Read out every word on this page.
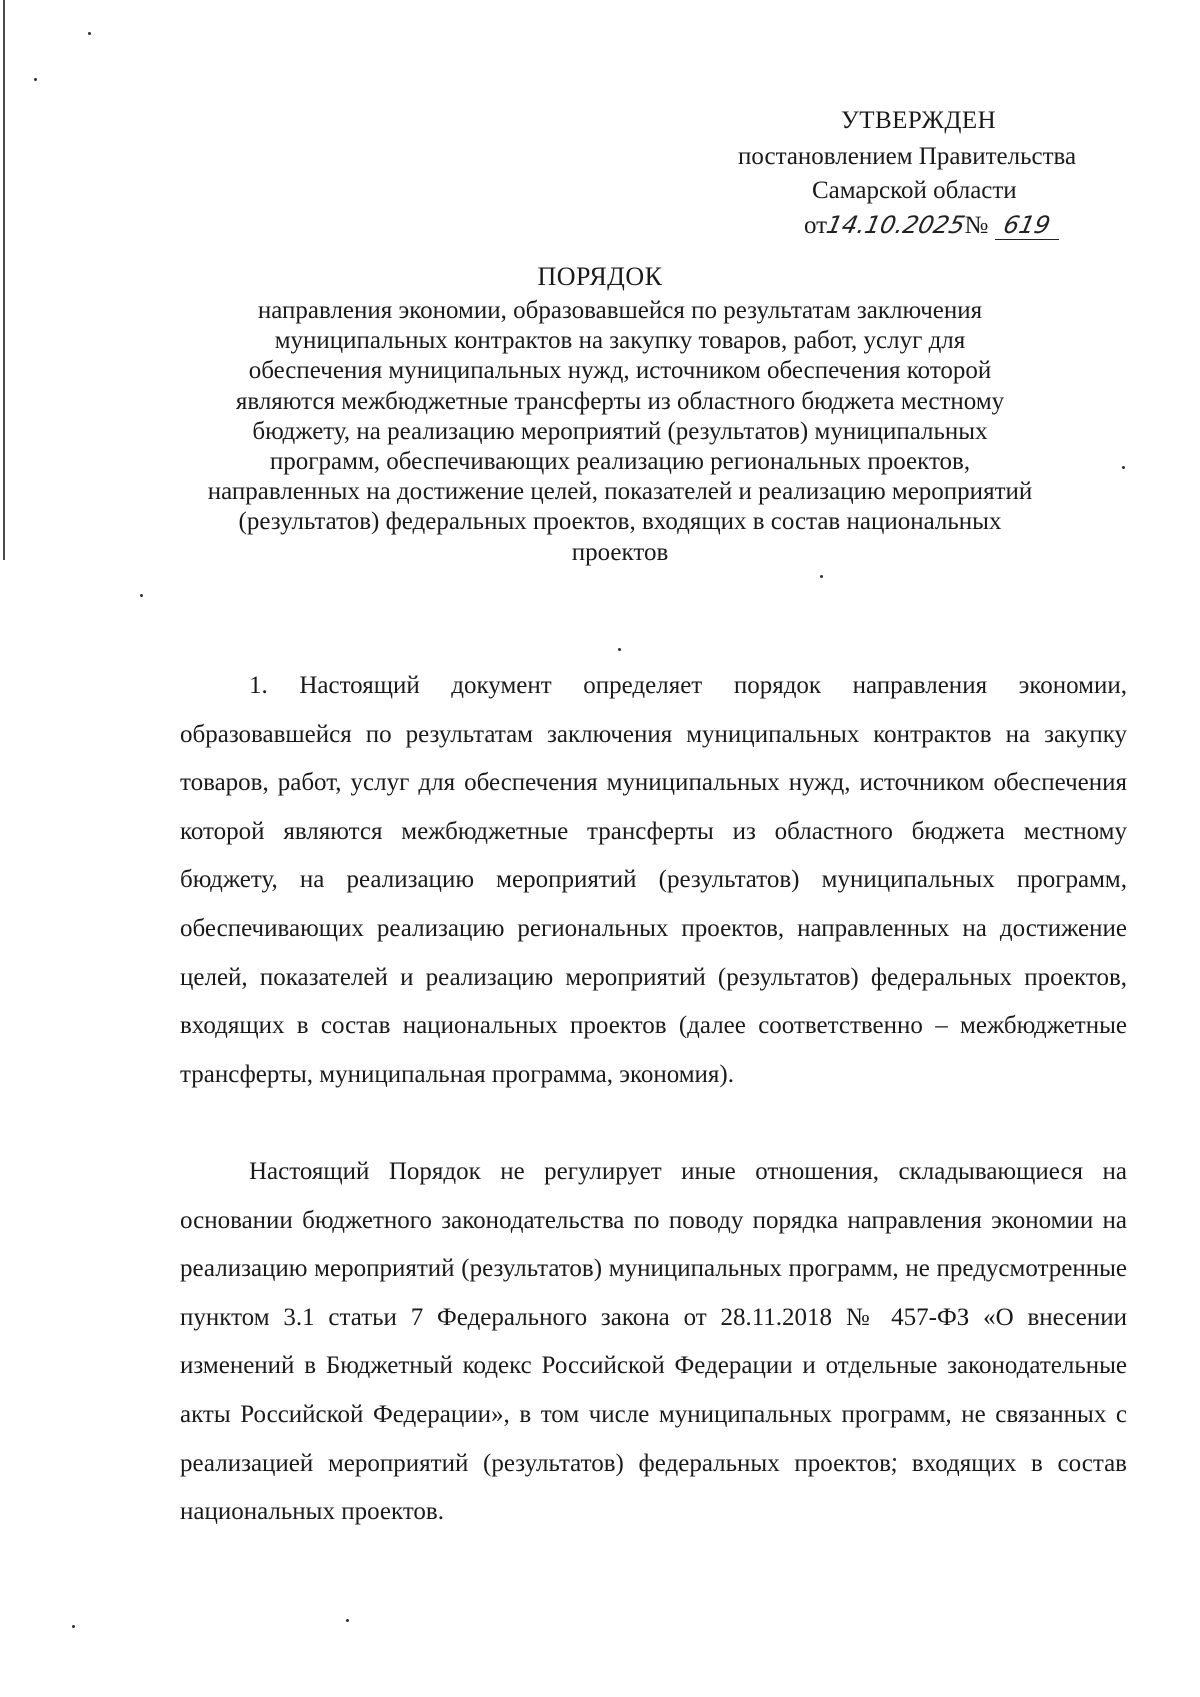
УТВЕРЖДЕН
постановлением Правительства
Самарской области
от14.10.2025№ 619
ПОРЯДОК
направления экономии, образовавшейся по результатам заключения
муниципальных контрактов на закупку товаров, работ, услуг для
обеспечения муниципальных нужд, источником обеспечения которой
являются межбюджетные трансферты из областного бюджета местному
бюджету, на реализацию мероприятий (результатов) муниципальных
программ, обеспечивающих реализацию региональных проектов,
направленных на достижение целей, показателей и реализацию мероприятий
(результатов) федеральных проектов, входящих в состав национальных
проектов

1. Настоящий документ определяет порядок направления экономии, образовавшейся по результатам заключения муниципальных контрактов на закупку товаров, работ, услуг для обеспечения муниципальных нужд, источником обеспечения которой являются межбюджетные трансферты из областного бюджета местному бюджету, на реализацию мероприятий (результатов) муниципальных программ, обеспечивающих реализацию региональных проектов, направленных на достижение целей, показателей и реализацию мероприятий (результатов) федеральных проектов, входящих в состав национальных проектов (далее соответственно – межбюджетные трансферты, муниципальная программа, экономия).

Настоящий Порядок не регулирует иные отношения, складывающиеся на основании бюджетного законодательства по поводу порядка направления экономии на реализацию мероприятий (результатов) муниципальных программ, не предусмотренные пунктом 3.1 статьи 7 Федерального закона от 28.11.2018 № 457-ФЗ «О внесении изменений в Бюджетный кодекс Российской Федерации и отдельные законодательные акты Российской Федерации», в том числе муниципальных программ, не связанных с реализацией мероприятий (результатов) федеральных проектов, входящих в состав национальных проектов.
